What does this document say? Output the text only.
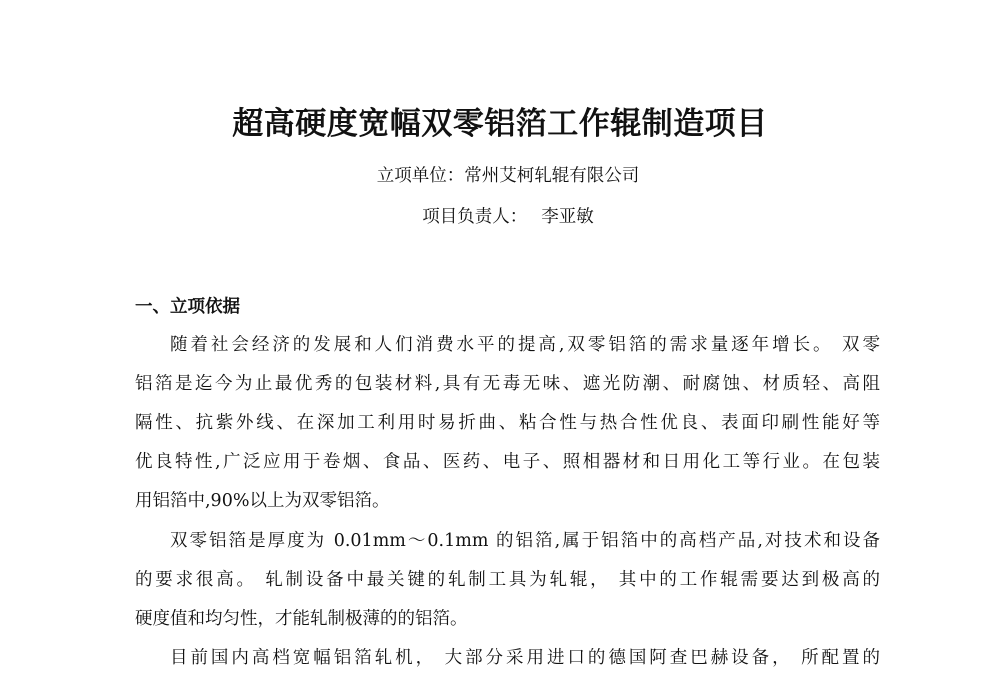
超高硬度宽幅双零铝箔工作辊制造项目

立项单位：常州艾柯轧辊有限公司

项目负责人： 李亚敏

一、立项依据

随着社会经济的发展和人们消费水平的提高,双零铝箔的需求量逐年增长。 双零
铝箔是迄今为止最优秀的包装材料,具有无毒无味、遮光防潮、耐腐蚀、材质轻、高阻
隔性、抗紫外线、在深加工利用时易折曲、粘合性与热合性优良、表面印刷性能好等
优良特性,广泛应用于卷烟、食品、医药、电子、照相器材和日用化工等行业。在包装
用铝箔中,90%以上为双零铝箔。

双零铝箔是厚度为 0.01mm～0.1mm 的铝箔,属于铝箔中的高档产品,对技术和设备
的要求很高。 轧制设备中最关键的轧制工具为轧辊， 其中的工作辊需要达到极高的
硬度值和均匀性，才能轧制极薄的的铝箔。

目前国内高档宽幅铝箔轧机， 大部分采用进口的德国阿查巴赫设备， 所配置的
